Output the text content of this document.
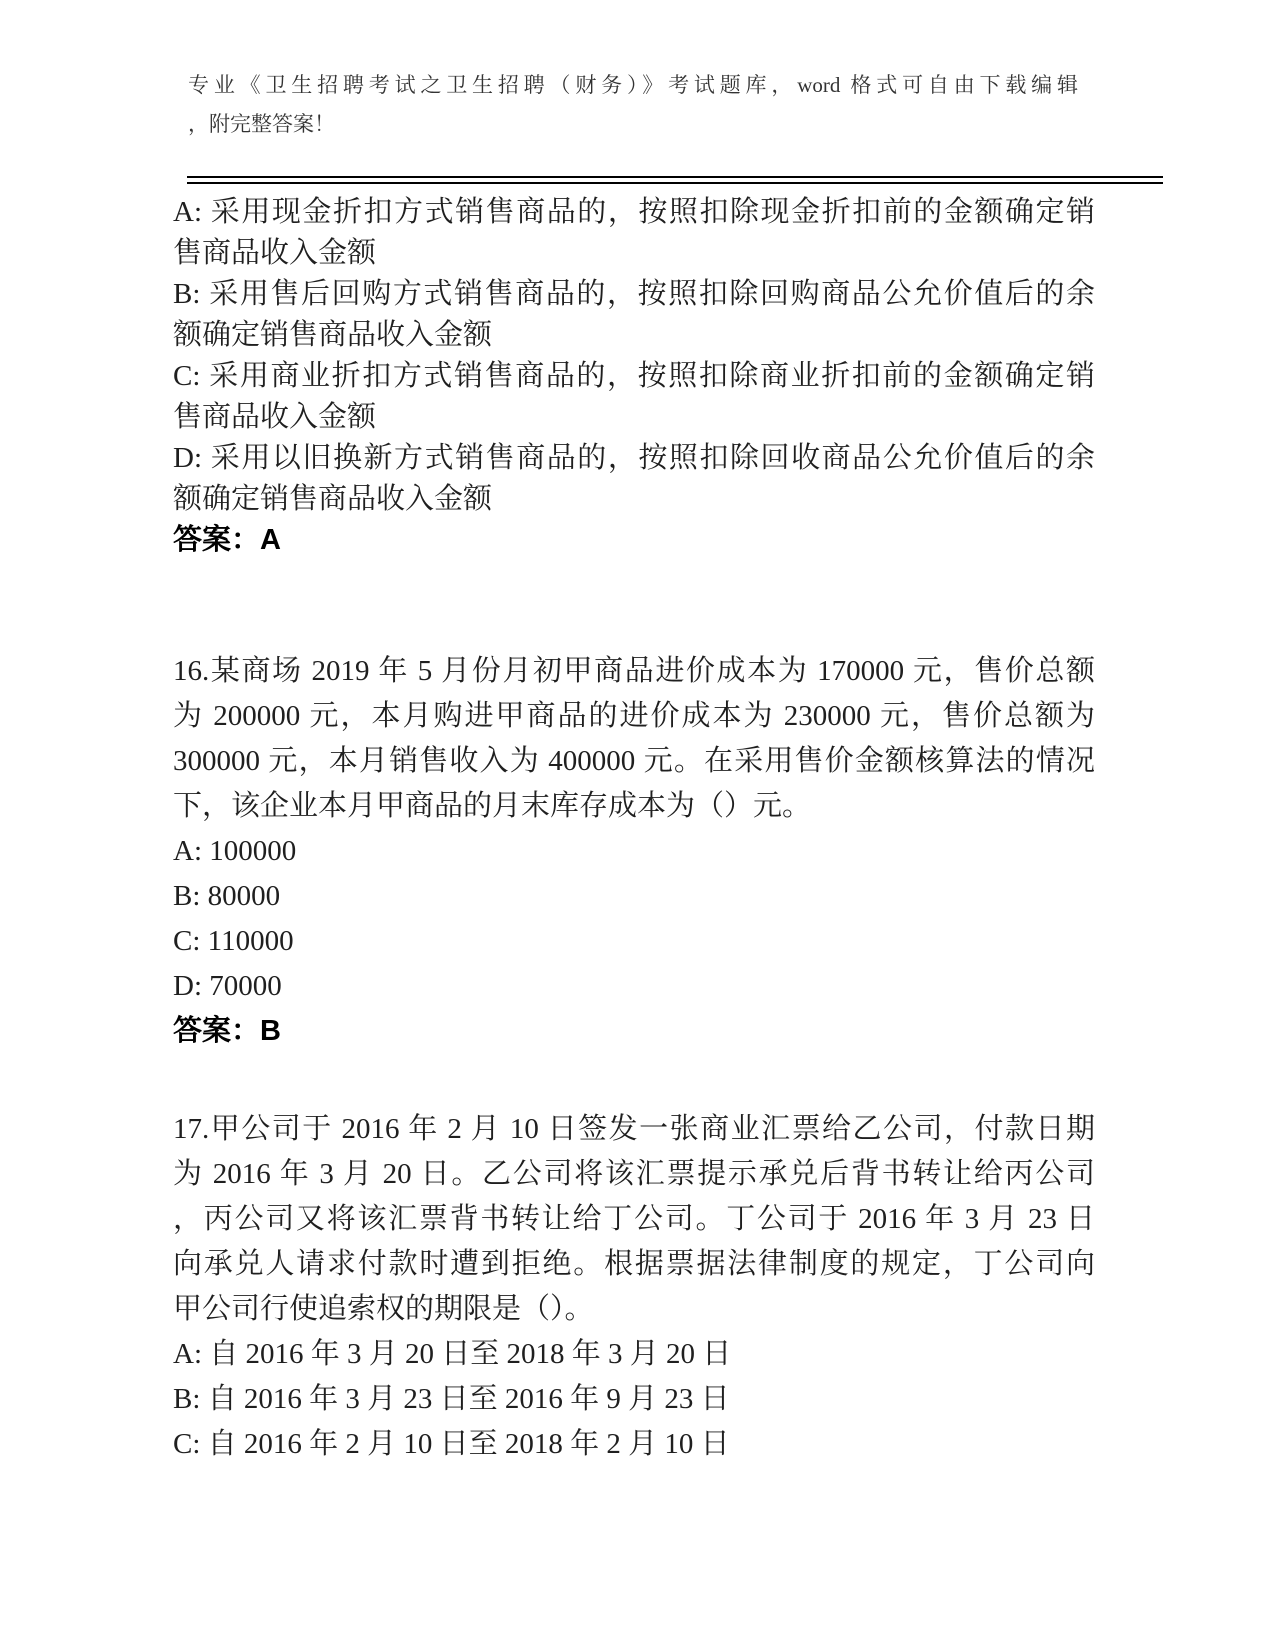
专业《卫生招聘考试之卫生招聘（财务）》考试题库，word 格式可自由下载编辑
，附完整答案！
A: 采用现金折扣方式销售商品的，按照扣除现金折扣前的金额确定销
售商品收入金额
B: 采用售后回购方式销售商品的，按照扣除回购商品公允价值后的余
额确定销售商品收入金额
C: 采用商业折扣方式销售商品的，按照扣除商业折扣前的金额确定销
售商品收入金额
D: 采用以旧换新方式销售商品的，按照扣除回收商品公允价值后的余
额确定销售商品收入金额
答案：A
16.某商场 2019 年 5 月份月初甲商品进价成本为 170000 元，售价总额
为 200000 元，本月购进甲商品的进价成本为 230000 元，售价总额为
300000 元，本月销售收入为 400000 元。在采用售价金额核算法的情况
下，该企业本月甲商品的月末库存成本为（）元。
A: 100000
B: 80000
C: 110000
D: 70000
答案：B
17.甲公司于 2016 年 2 月 10 日签发一张商业汇票给乙公司，付款日期
为 2016 年 3 月 20 日。乙公司将该汇票提示承兑后背书转让给丙公司
，丙公司又将该汇票背书转让给丁公司。丁公司于 2016 年 3 月 23 日
向承兑人请求付款时遭到拒绝。根据票据法律制度的规定，丁公司向
甲公司行使追索权的期限是（）。
A: 自 2016 年 3 月 20 日至 2018 年 3 月 20 日
B: 自 2016 年 3 月 23 日至 2016 年 9 月 23 日
C: 自 2016 年 2 月 10 日至 2018 年 2 月 10 日
